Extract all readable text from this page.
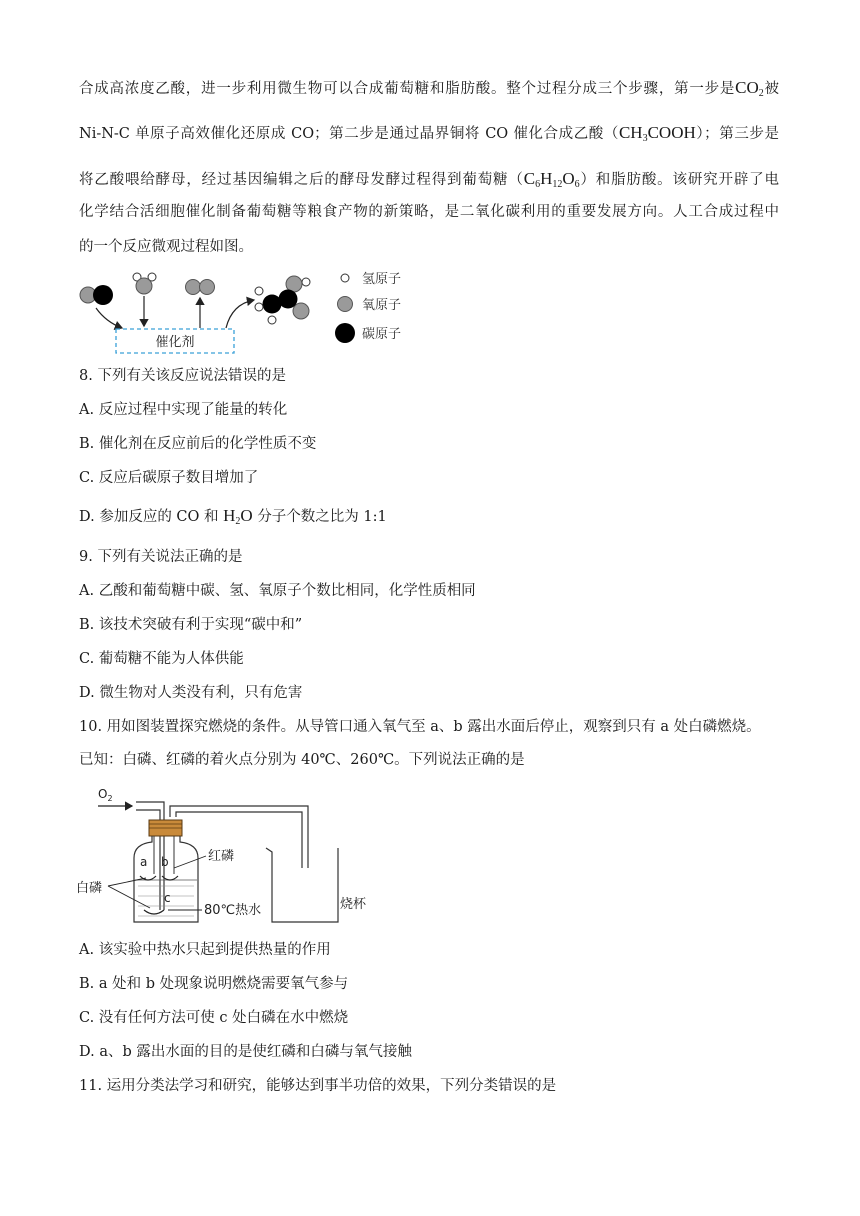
合成高浓度乙酸，进一步利用微生物可以合成葡萄糖和脂肪酸。整个过程分成三个步骤，第一步是$CO_2$被
Ni-N-C 单原子高效催化还原成 CO；第二步是通过晶界铜将 CO 催化合成乙酸$(CH_3COOH)$；第三步是
将乙酸喂给酵母，经过基因编辑之后的酵母发酵过程得到葡萄糖$(C_6H_{12}O_6)$和脂肪酸。该研究开辟了电
化学结合活细胞催化制备葡萄糖等粮食产物的新策略，是二氧化碳利用的重要发展方向。人工合成过程中
的一个反应微观过程如图。
催化剂
氢原子
氧原子
碳原子
8. 下列有关该反应说法错误的是
A. 反应过程中实现了能量的转化
B. 催化剂在反应前后的化学性质不变
C. 反应后碳原子数目增加了
D. 参加反应的 CO 和 $H_2O$ 分子个数之比为 1:1
9. 下列有关说法正确的是
A. 乙酸和葡萄糖中碳、氢、氧原子个数比相同，化学性质相同
B. 该技术突破有利于实现“碳中和”
C. 葡萄糖不能为人体供能
D. 微生物对人类没有利，只有危害
10. 用如图装置探究燃烧的条件。从导管口通入氧气至 a、b 露出水面后停止，观察到只有 a 处白磷燃烧。
已知：白磷、红磷的着火点分别为 40℃、260℃。下列说法正确的是
$O_2$
a b
c
红磷
白磷
80℃热水	烧杯
A. 该实验中热水只起到提供热量的作用
B. a 处和 b 处现象说明燃烧需要氧气参与
C. 没有任何方法可使 c 处白磷在水中燃烧
D. a、b 露出水面的目的是使红磷和白磷与氧气接触
11. 运用分类法学习和研究，能够达到事半功倍的效果，下列分类错误的是
